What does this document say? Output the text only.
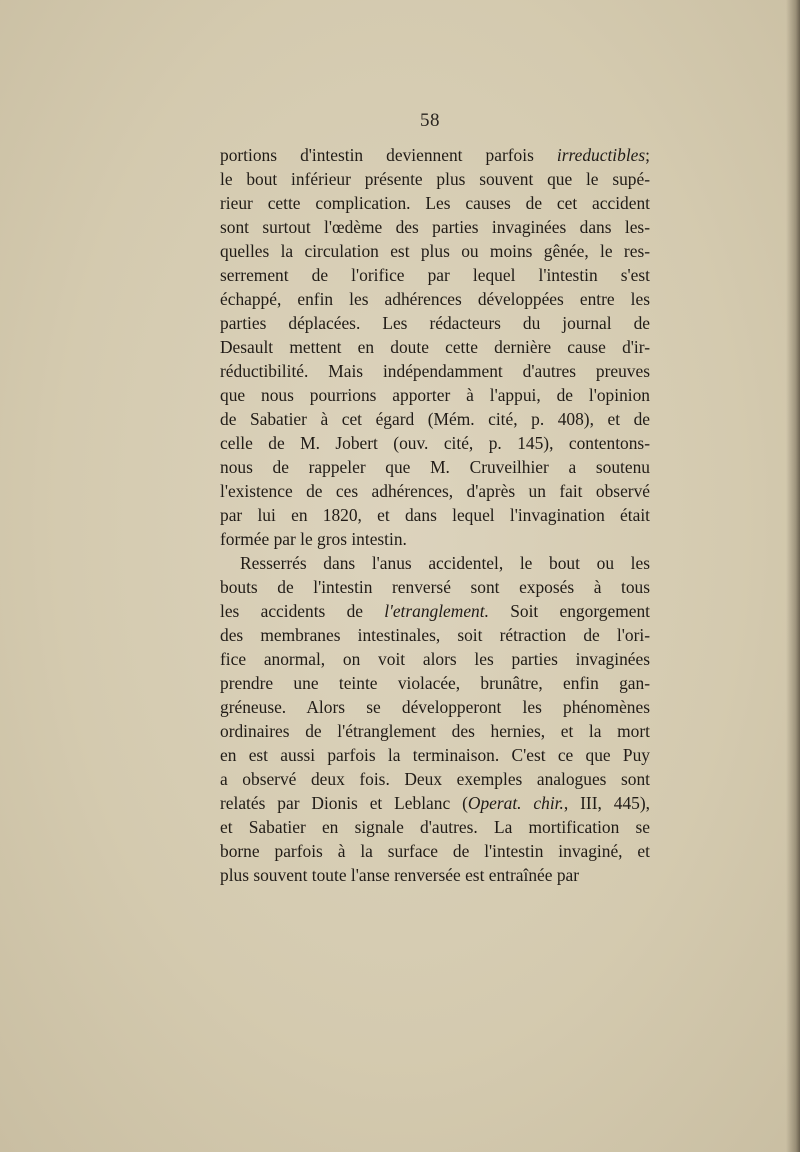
58
portions d'intestin deviennent parfois irreductibles;
le bout inférieur présente plus souvent que le supé-
rieur cette complication. Les causes de cet accident
sont surtout l'œdème des parties invaginées dans les-
quelles la circulation est plus ou moins gênée, le res-
serrement de l'orifice par lequel l'intestin s'est
échappé, enfin les adhérences développées entre les
parties déplacées. Les rédacteurs du journal de
Desault mettent en doute cette dernière cause d'ir-
réductibilité. Mais indépendamment d'autres preuves
que nous pourrions apporter à l'appui, de l'opinion
de Sabatier à cet égard (Mém. cité, p. 408), et de
celle de M. Jobert (ouv. cité, p. 145), contentons-
nous de rappeler que M. Cruveilhier a soutenu
l'existence de ces adhérences, d'après un fait observé
par lui en 1820, et dans lequel l'invagination était
formée par le gros intestin.
Resserrés dans l'anus accidentel, le bout ou les
bouts de l'intestin renversé sont exposés à tous
les accidents de l'etranglement. Soit engorgement
des membranes intestinales, soit rétraction de l'ori-
fice anormal, on voit alors les parties invaginées
prendre une teinte violacée, brunâtre, enfin gan-
gréneuse. Alors se développeront les phénomènes
ordinaires de l'étranglement des hernies, et la mort
en est aussi parfois la terminaison. C'est ce que Puy
a observé deux fois. Deux exemples analogues sont
relatés par Dionis et Leblanc (Operat. chir., III, 445),
et Sabatier en signale d'autres. La mortification se
borne parfois à la surface de l'intestin invaginé, et
plus souvent toute l'anse renversée est entraînée par
